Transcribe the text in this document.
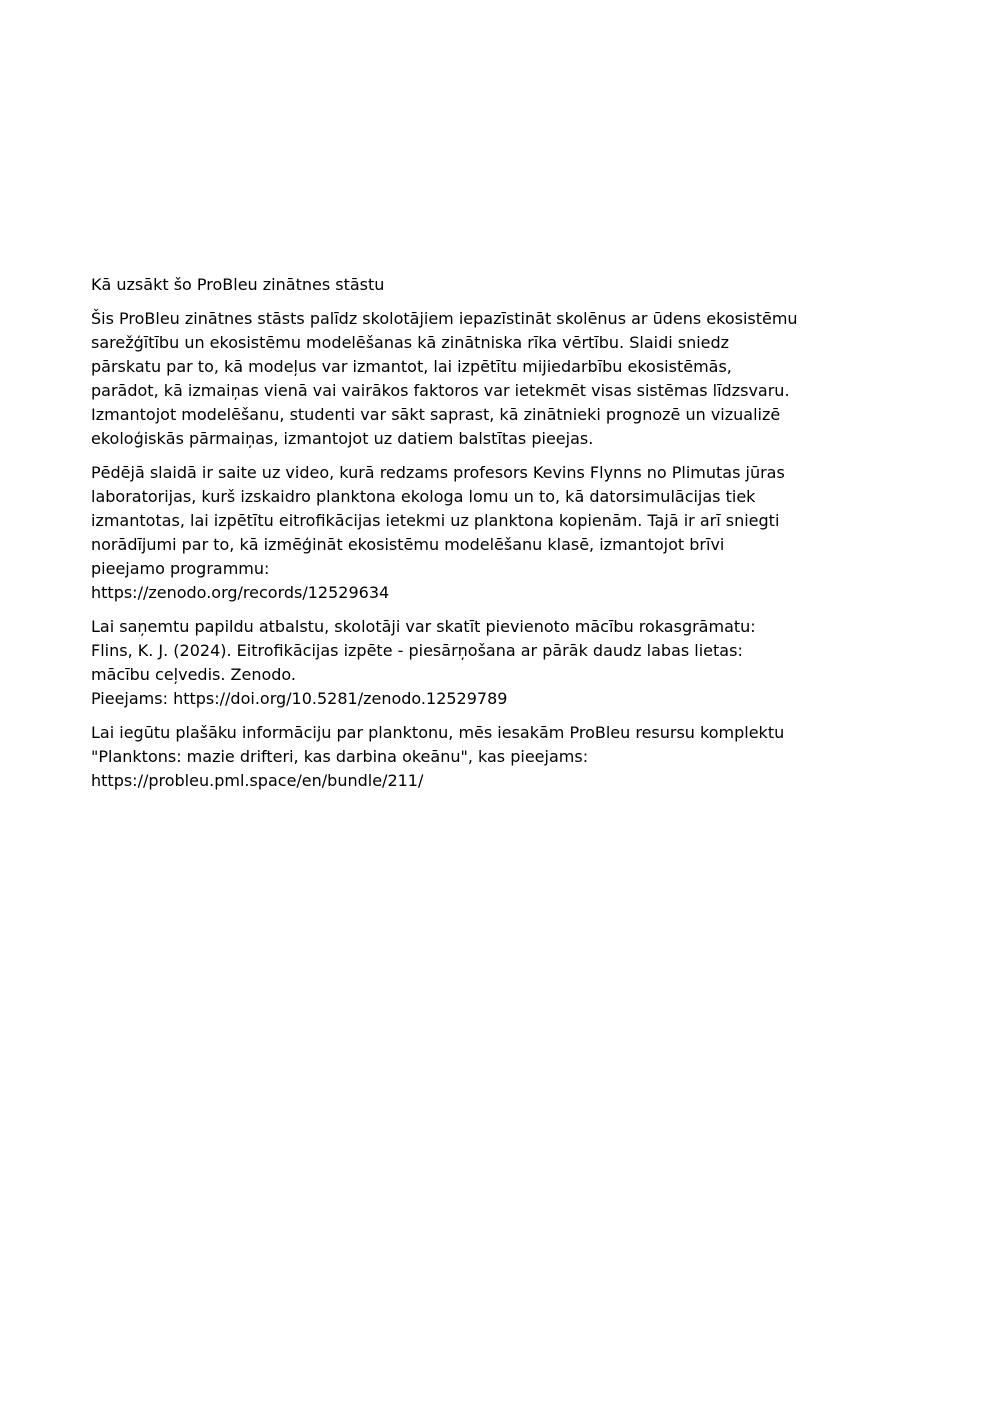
Kā uzsākt šo ProBleu zinātnes stāstu

Šis ProBleu zinātnes stāsts palīdz skolotājiem iepazīstināt skolēnus ar ūdens ekosistēmu
sarežģītību un ekosistēmu modelēšanas kā zinātniska rīka vērtību. Slaidi sniedz
pārskatu par to, kā modeļus var izmantot, lai izpētītu mijiedarbību ekosistēmās,
parādot, kā izmaiņas vienā vai vairākos faktoros var ietekmēt visas sistēmas līdzsvaru.
Izmantojot modelēšanu, studenti var sākt saprast, kā zinātnieki prognozē un vizualizē
ekoloģiskās pārmaiņas, izmantojot uz datiem balstītas pieejas.

Pēdējā slaidā ir saite uz video, kurā redzams profesors Kevins Flynns no Plimutas jūras
laboratorijas, kurš izskaidro planktona ekologa lomu un to, kā datorsimulācijas tiek
izmantotas, lai izpētītu eitrofikācijas ietekmi uz planktona kopienām. Tajā ir arī sniegti
norādījumi par to, kā izmēģināt ekosistēmu modelēšanu klasē, izmantojot brīvi
pieejamo programmu:
https://zenodo.org/records/12529634

Lai saņemtu papildu atbalstu, skolotāji var skatīt pievienoto mācību rokasgrāmatu:
Flins, K. J. (2024). Eitrofikācijas izpēte - piesārņošana ar pārāk daudz labas lietas:
mācību ceļvedis. Zenodo.
Pieejams: https://doi.org/10.5281/zenodo.12529789

Lai iegūtu plašāku informāciju par planktonu, mēs iesakām ProBleu resursu komplektu
"Planktons: mazie drifteri, kas darbina okeānu", kas pieejams:
https://probleu.pml.space/en/bundle/211/
